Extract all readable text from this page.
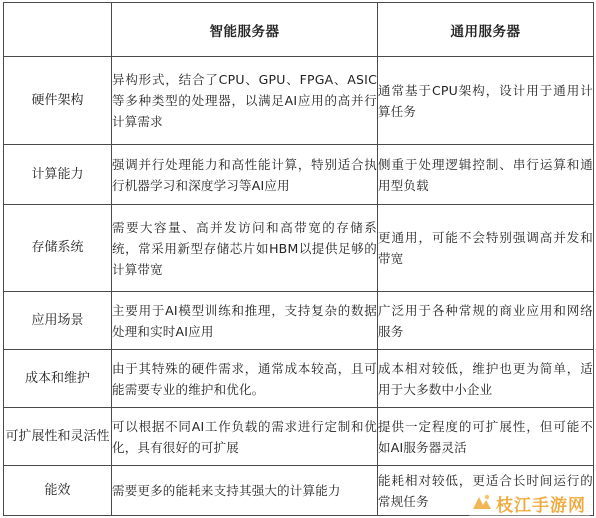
	智能服务器	通用服务器
硬件架构	异构形式，结合了CPU、GPU、FPGA、ASIC等多种类型的处理器，以满足AI应用的高并行计算需求	通常基于CPU架构，设计用于通用计算任务
计算能力	强调并行处理能力和高性能计算，特别适合执行机器学习和深度学习等AI应用	侧重于处理逻辑控制、串行运算和通用型负载
存储系统	需要大容量、高并发访问和高带宽的存储系统，常采用新型存储芯片如HBM以提供足够的计算带宽	更通用，可能不会特别强调高并发和带宽
应用场景	主要用于AI模型训练和推理，支持复杂的数据处理和实时AI应用	广泛用于各种常规的商业应用和网络服务
成本和维护	由于其特殊的硬件需求，通常成本较高，且可能需要专业的维护和优化。	成本相对较低，维护也更为简单，适用于大多数中小企业
可扩展性和灵活性	可以根据不同AI工作负载的需求进行定制和优化，具有很好的可扩展	提供一定程度的可扩展性，但可能不如AI服务器灵活
能效	需要更多的能耗来支持其强大的计算能力	能耗相对较低，更适合长时间运行的常规任务	枝江手游网
